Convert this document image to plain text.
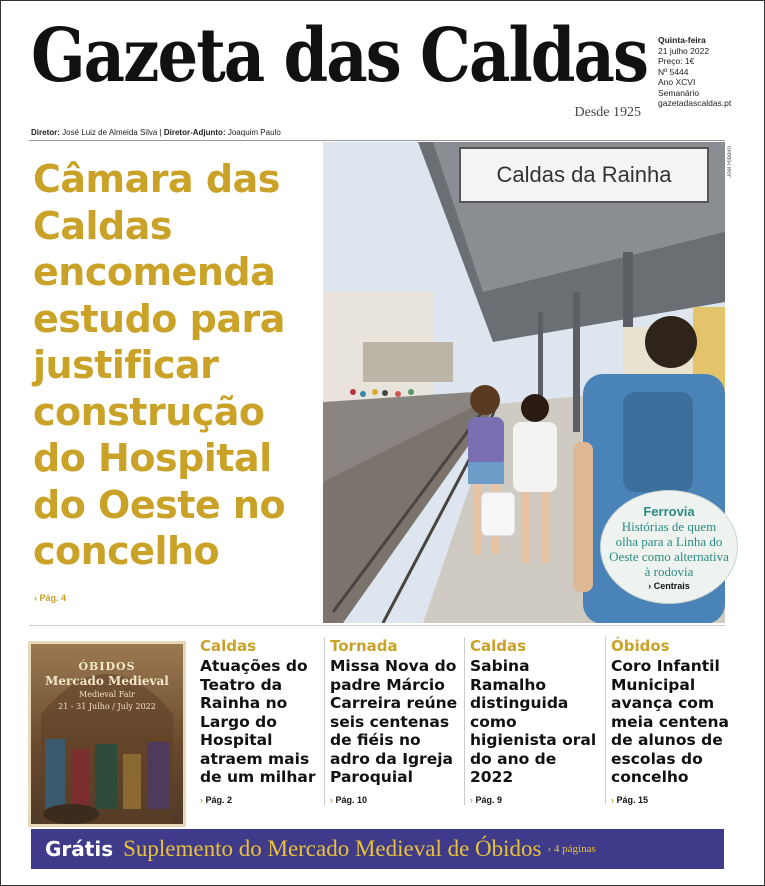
Gazeta das Caldas
Desde 1925
Quinta-feira
21 julho 2022
Preço: 1€
Nº 5444
Ano XCVI
Semanário
gazetadascaldas.pt
Diretor: José Luiz de Almeida Silva | Diretor-Adjunto: Joaquim Paulo
Câmara das Caldas encomenda estudo para justificar construção do Hospital do Oeste no concelho
› Pág. 4
Caldas da Rainha	Joel Ribeiro
Ferrovia
Histórias de quem olha para a Linha do Oeste como alternativa à rodovia
› Centrais
ÓBIDOS
Mercado Medieval
Medieval Fair
21 - 31 Julho / July 2022
Caldas
Atuações do Teatro da Rainha no Largo do Hospital atraem mais de um milhar
› Pág. 2
Tornada
Missa Nova do padre Márcio Carreira reúne seis centenas de fiéis no adro da Igreja Paroquial
› Pág. 10
Caldas
Sabina Ramalho distinguida como higienista oral do ano de 2022
› Pág. 9
Óbidos
Coro Infantil Municipal avança com meia centena de alunos de escolas do concelho
› Pág. 15
Grátis Suplemento do Mercado Medieval de Óbidos › 4 páginas
